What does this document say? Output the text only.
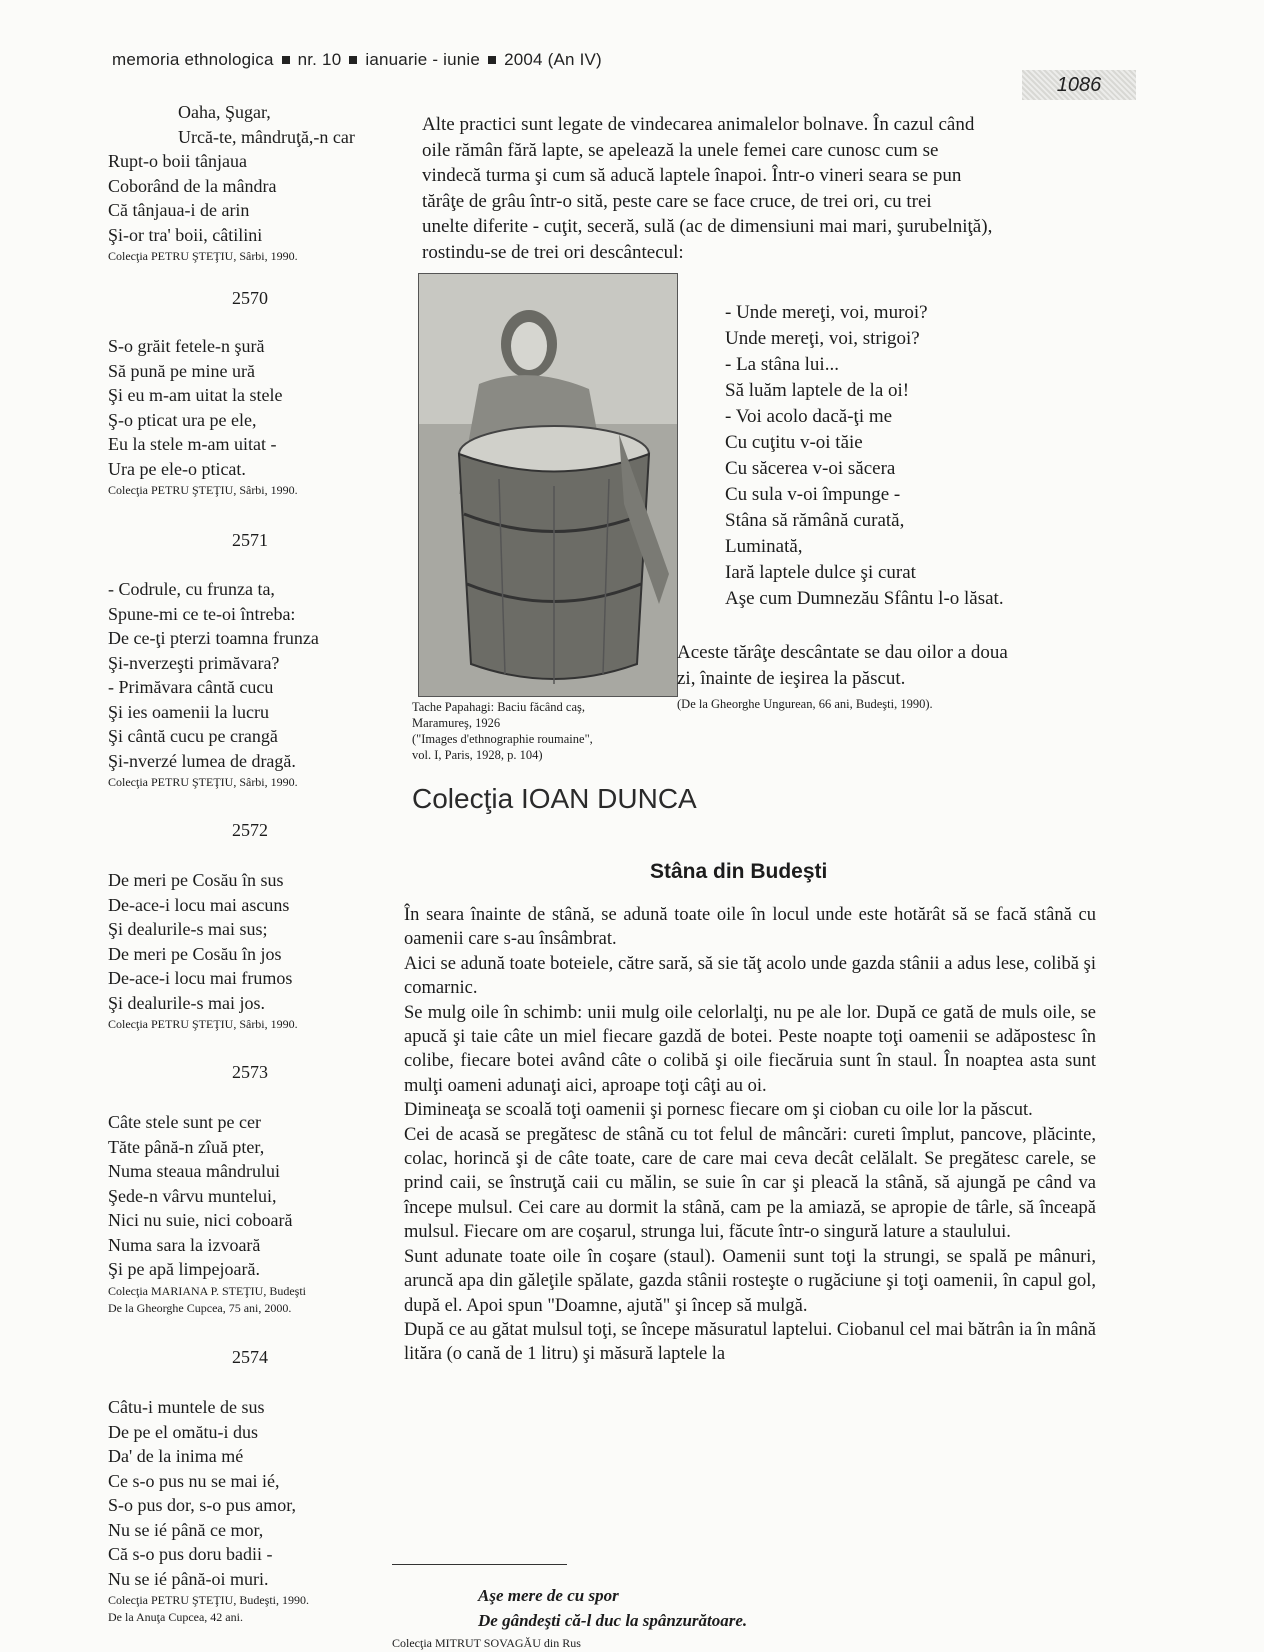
memoria ethnologica nr. 10 ianuarie - iunie 2004 (An IV)
1086
Oaha, Şugar,
Urcă-te, mândruţă,-n car
Rupt-o boii tânjaua
Coborând de la mândra
Că tânjaua-i de arin
Şi-or tra' boii, câtilini
Colecţia PETRU ŞTEŢIU, Sârbi, 1990.
2570
S-o grăit fetele-n şură
Să pună pe mine ură
Şi eu m-am uitat la stele
Ş-o pticat ura pe ele,
Eu la stele m-am uitat -
Ura pe ele-o pticat.
Colecţia PETRU ŞTEŢIU, Sârbi, 1990.
2571
- Codrule, cu frunza ta,
Spune-mi ce te-oi întreba:
De ce-ţi pterzi toamna frunza
Şi-nverzeşti primăvara?
- Primăvara cântă cucu
Şi ies oamenii la lucru
Şi cântă cucu pe crangă
Şi-nverzé lumea de dragă.
Colecţia PETRU ŞTEŢIU, Sârbi, 1990.
2572
De meri pe Cosău în sus
De-ace-i locu mai ascuns
Şi dealurile-s mai sus;
De meri pe Cosău în jos
De-ace-i locu mai frumos
Şi dealurile-s mai jos.
Colecţia PETRU ŞTEŢIU, Sârbi, 1990.
2573
Câte stele sunt pe cer
Tăte până-n zîuă pter,
Numa steaua mândrului
Şede-n vârvu muntelui,
Nici nu suie, nici coboară
Numa sara la izvoară
Şi pe apă limpejoară.
Colecţia MARIANA P. STEŢIU, Budeşti
De la Gheorghe Cupcea, 75 ani, 2000.
2574
Câtu-i muntele de sus
De pe el omătu-i dus
Da' de la inima mé
Ce s-o pus nu se mai ié,
S-o pus dor, s-o pus amor,
Nu se ié până ce mor,
Că s-o pus doru badii -
Nu se ié până-oi muri.
Colecţia PETRU ŞTEŢIU, Budeşti, 1990.
De la Anuţa Cupcea, 42 ani.
Alte practici sunt legate de vindecarea animalelor bolnave. În cazul când
oile rămân fără lapte, se apelează la unele femei care cunosc cum se
vindecă turma şi cum să aducă laptele înapoi. Într-o vineri seara se pun
tărâţe de grâu într-o sită, peste care se face cruce, de trei ori, cu trei
unelte diferite - cuţit, seceră, sulă (ac de dimensiuni mai mari, şurubelniţă),
rostindu-se de trei ori descântecul:
Tache Papahagi: Baciu făcând caş,
Maramureş, 1926
("Images d'ethnographie roumaine",
vol. I, Paris, 1928, p. 104)
- Unde mereţi, voi, muroi?
Unde mereţi, voi, strigoi?
- La stâna lui...
Să luăm laptele de la oi!
- Voi acolo dacă-ţi me
Cu cuţitu v-oi tăie
Cu săcerea v-oi săcera
Cu sula v-oi împunge -
Stâna să rămână curată,
Luminată,
Iară laptele dulce şi curat
Aşe cum Dumnezău Sfântu l-o lăsat.
Aceste tărâţe descântate se dau oilor a doua
zi, înainte de ieşirea la păscut.
(De la Gheorghe Ungurean, 66 ani, Budeşti, 1990).
Colecţia IOAN DUNCA
Stâna din Budeşti

În seara înainte de stână, se adună toate oile în locul unde este hotărât să se facă stână cu oamenii care s-au însâmbrat.

Aici se adună toate boteiele, către sară, să sie tăţ acolo unde gazda stânii a adus lese, colibă şi comarnic.

Se mulg oile în schimb: unii mulg oile celorlalţi, nu pe ale lor. După ce gată de muls oile, se apucă şi taie câte un miel fiecare gazdă de botei. Peste noapte toţi oamenii se adăpostesc în colibe, fiecare botei având câte o colibă şi oile fiecăruia sunt în staul. În noaptea asta sunt mulţi oameni adunaţi aici, aproape toţi câţi au oi.

Dimineaţa se scoală toţi oamenii şi pornesc fiecare om şi cioban cu oile lor la păscut.

Cei de acasă se pregătesc de stână cu tot felul de mâncări: cureti împlut, pancove, plăcinte, colac, horincă şi de câte toate, care de care mai ceva decât celălalt. Se pregătesc carele, se prind caii, se înstruţă caii cu mălin, se suie în car şi pleacă la stână, să ajungă pe când va începe mulsul. Cei care au dormit la stână, cam pe la amiază, se apropie de târle, să înceapă mulsul. Fiecare om are coşarul, strunga lui, făcute într-o singură lature a staulului.

Sunt adunate toate oile în coşare (staul). Oamenii sunt toţi la strungi, se spală pe mânuri, aruncă apa din găleţile spălate, gazda stânii rosteşte o rugăciune şi toţi oamenii, în capul gol, după el. Apoi spun "Doamne, ajută" şi încep să mulgă.

După ce au gătat mulsul toţi, se începe măsuratul laptelui. Ciobanul cel mai bătrân ia în mână lităra (o cană de 1 litru) şi măsură laptele la

Aşe mere de cu spor
De gândeşti că-l duc la spânzurătoare.
Colecţia MITRUT SOVAGĂU din Rus
